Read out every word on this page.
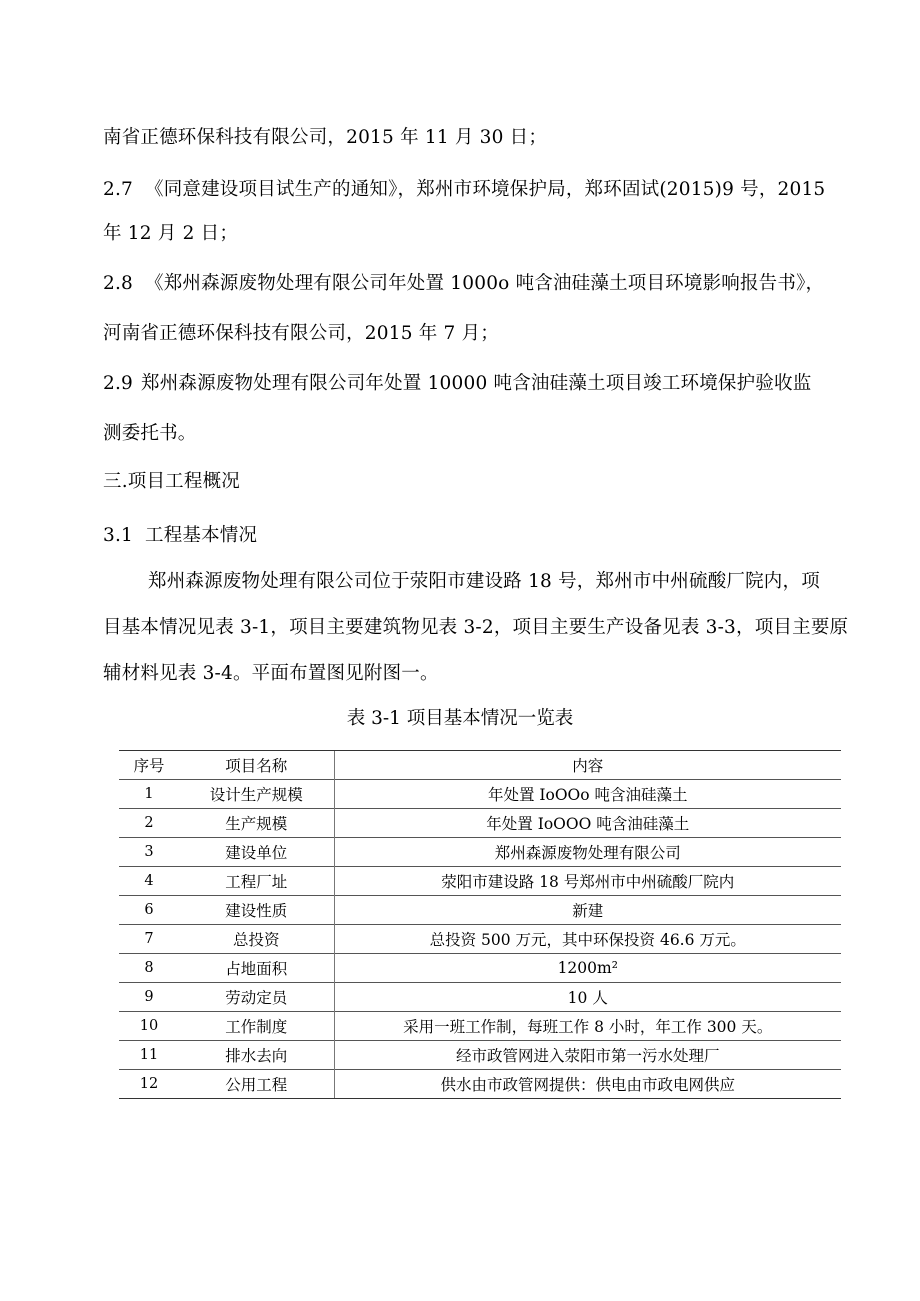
南省正德环保科技有限公司，2015 年 11 月 30 日；
2.7 《同意建设项目试生产的通知》，郑州市环境保护局，郑环固试(2015)9 号，2015
年 12 月 2 日；
2.8 《郑州森源废物处理有限公司年处置 1000o 吨含油硅藻土项目环境影响报告书》，
河南省正德环保科技有限公司，2015 年 7 月；
2.9 郑州森源废物处理有限公司年处置 10000 吨含油硅藻土项目竣工环境保护验收监
测委托书。
三.项目工程概况
3.1 工程基本情况
郑州森源废物处理有限公司位于荥阳市建设路 18 号，郑州市中州硫酸厂院内，项
目基本情况见表 3-1，项目主要建筑物见表 3-2，项目主要生产设备见表 3-3，项目主要原
辅材料见表 3-4。平面布置图见附图一。
表 3-1 项目基本情况一览表
序号	项目名称	内容
1	设计生产规模	年处置 IoOOo 吨含油硅藻土
2	生产规模	年处置 IoOOO 吨含油硅藻土
3	建设单位	郑州森源废物处理有限公司
4	工程厂址	荥阳市建设路 18 号郑州市中州硫酸厂院内
6	建设性质	新建
7	总投资	总投资 500 万元，其中环保投资 46.6 万元。
8	占地面积	1200m²
9	劳动定员	10 人
10	工作制度	采用一班工作制，每班工作 8 小时，年工作 300 天。
11	排水去向	经市政管网进入荥阳市第一污水处理厂
12	公用工程	供水由市政管网提供：供电由市政电网供应
